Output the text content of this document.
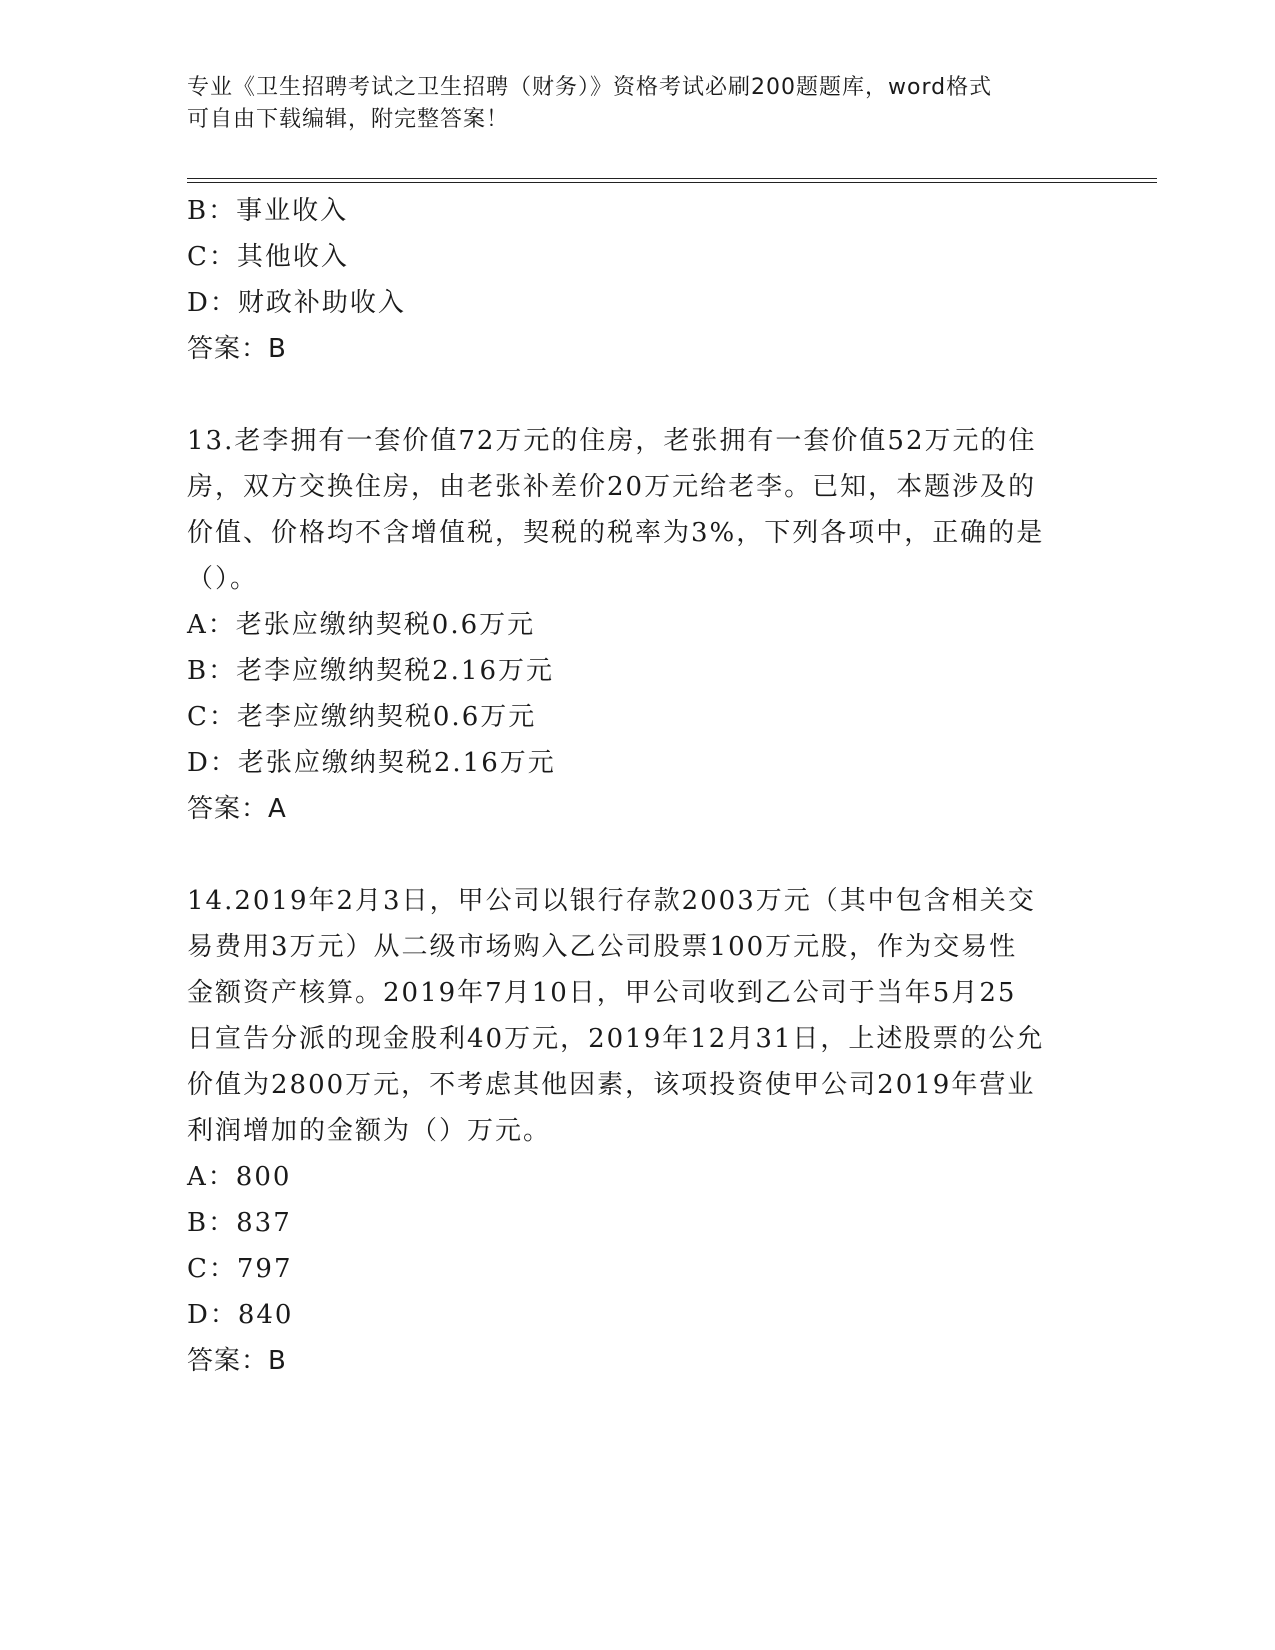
专业《卫生招聘考试之卫生招聘（财务）》资格考试必刷200题题库，word格式
可自由下载编辑，附完整答案！
B：事业收入
C：其他收入
D：财政补助收入
答案：B
13.老李拥有一套价值72万元的住房，老张拥有一套价值52万元的住
房，双方交换住房，由老张补差价20万元给老李。已知，本题涉及的
价值、价格均不含增值税，契税的税率为3%，下列各项中，正确的是
（）。
A：老张应缴纳契税0.6万元
B：老李应缴纳契税2.16万元
C：老李应缴纳契税0.6万元
D：老张应缴纳契税2.16万元
答案：A
14.2019年2月3日，甲公司以银行存款2003万元（其中包含相关交
易费用3万元）从二级市场购入乙公司股票100万元股，作为交易性
金额资产核算。2019年7月10日，甲公司收到乙公司于当年5月25
日宣告分派的现金股利40万元，2019年12月31日，上述股票的公允
价值为2800万元，不考虑其他因素，该项投资使甲公司2019年营业
利润增加的金额为（）万元。
A：800
B：837
C：797
D：840
答案：B
